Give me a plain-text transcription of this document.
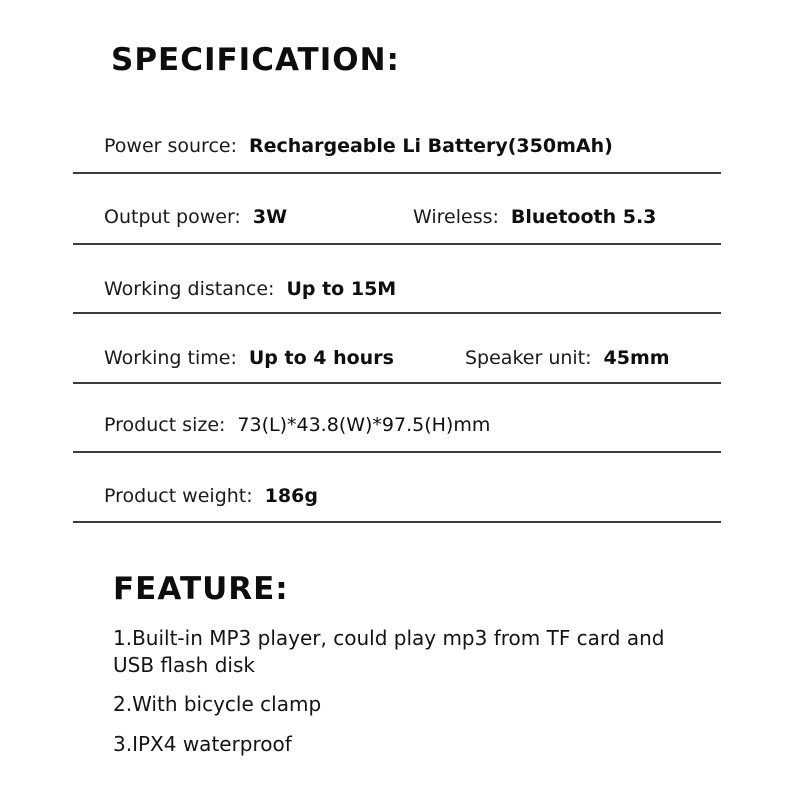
SPECIFICATION:
Power source: Rechargeable Li Battery(350mAh)
Output power: 3W	Wireless: Bluetooth 5.3
Working distance: Up to 15M
Working time: Up to 4 hours	Speaker unit: 45mm
Product size: 73(L)*43.8(W)*97.5(H)mm
Product weight: 186g
FEATURE:
1.Built-in MP3 player, could play mp3 from TF card and USB flash disk
2.With bicycle clamp
3.IPX4 waterproof
